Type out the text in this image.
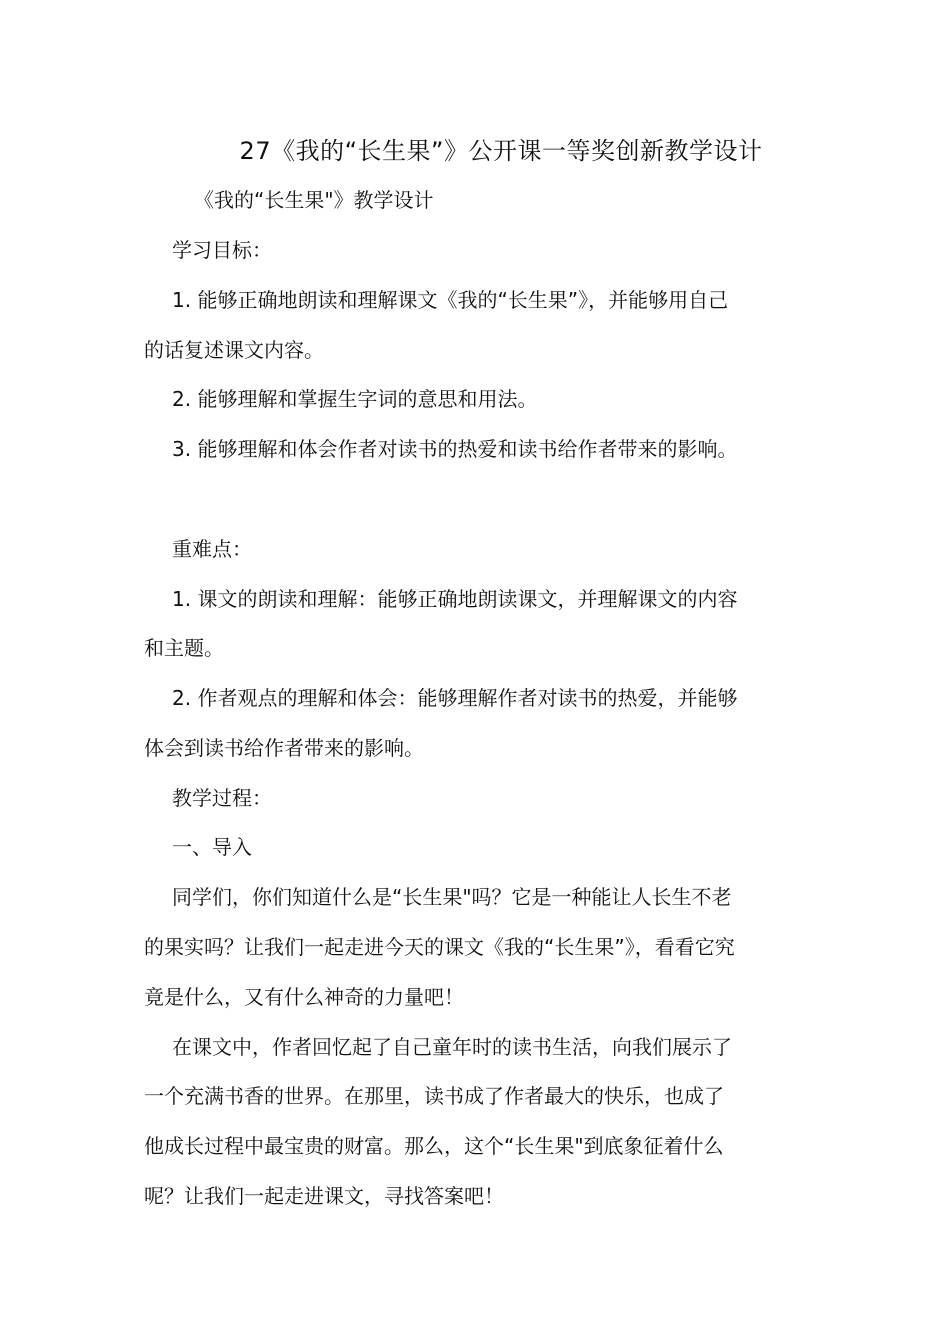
27《我的“长生果”》公开课一等奖创新教学设计
《我的“长生果"》教学设计
学习目标：
1. 能够正确地朗读和理解课文《我的“长生果”》，并能够用自己
的话复述课文内容。
2. 能够理解和掌握生字词的意思和用法。
3. 能够理解和体会作者对读书的热爱和读书给作者带来的影响。
重难点：
1. 课文的朗读和理解：能够正确地朗读课文，并理解课文的内容
和主题。
2. 作者观点的理解和体会：能够理解作者对读书的热爱，并能够
体会到读书给作者带来的影响。
教学过程：
一、导入
同学们，你们知道什么是“长生果"吗？它是一种能让人长生不老
的果实吗？让我们一起走进今天的课文《我的“长生果”》，看看它究
竟是什么，又有什么神奇的力量吧！
在课文中，作者回忆起了自己童年时的读书生活，向我们展示了
一个充满书香的世界。在那里，读书成了作者最大的快乐，也成了
他成长过程中最宝贵的财富。那么，这个“长生果"到底象征着什么
呢？让我们一起走进课文，寻找答案吧！
